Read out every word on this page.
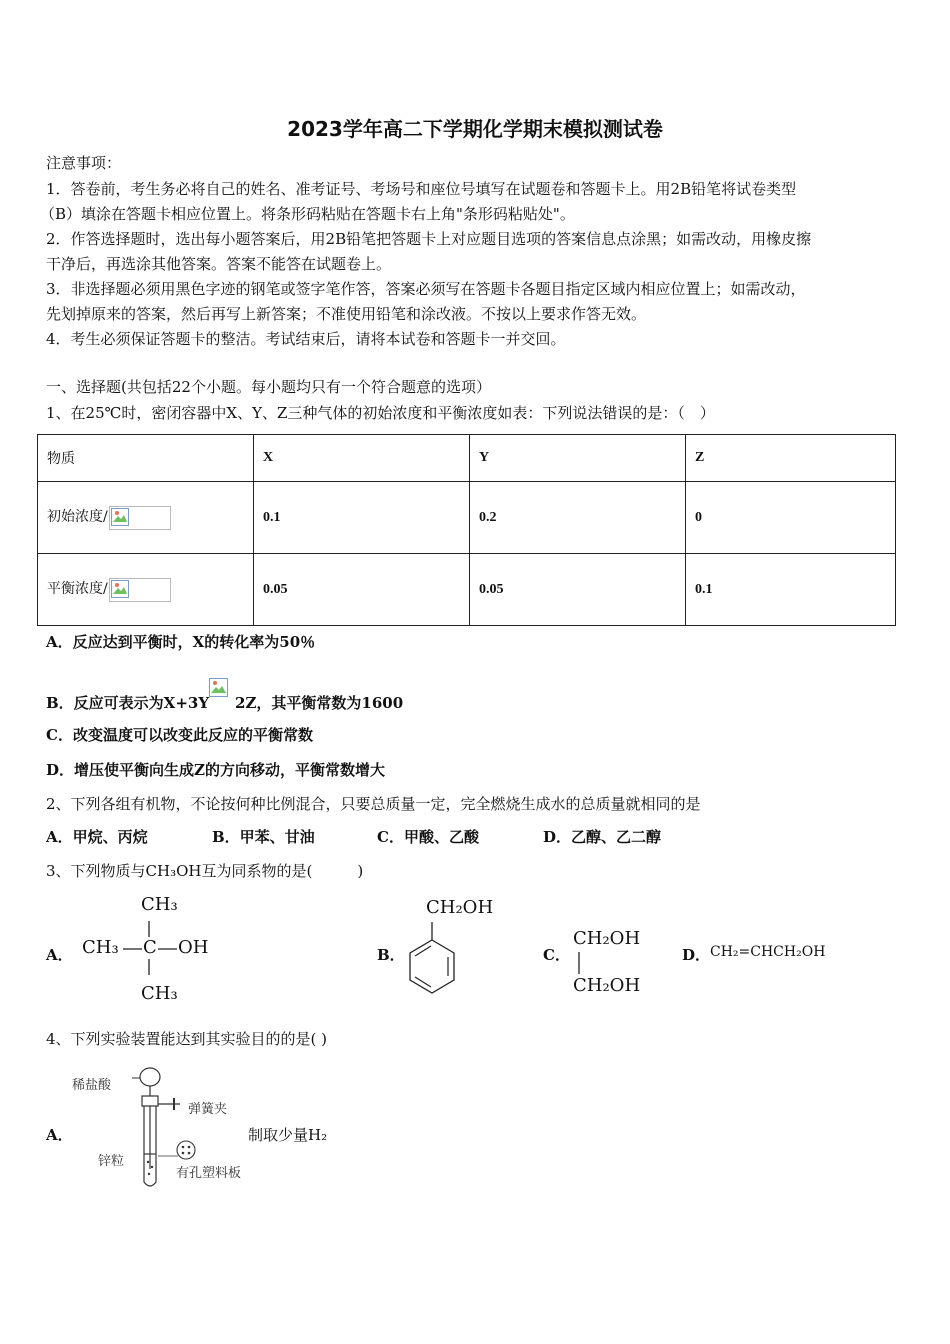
2023学年高二下学期化学期末模拟测试卷

注意事项：

1．答卷前，考生务必将自己的姓名、准考证号、考场号和座位号填写在试题卷和答题卡上。用2B铅笔将试卷类型

（B）填涂在答题卡相应位置上。将条形码粘贴在答题卡右上角"条形码粘贴处"。

2．作答选择题时，选出每小题答案后，用2B铅笔把答题卡上对应题目选项的答案信息点涂黑；如需改动，用橡皮擦

干净后，再选涂其他答案。答案不能答在试题卷上。

3．非选择题必须用黑色字迹的钢笔或签字笔作答，答案必须写在答题卡各题目指定区域内相应位置上；如需改动，

先划掉原来的答案，然后再写上新答案；不准使用铅笔和涂改液。不按以上要求作答无效。

4．考生必须保证答题卡的整洁。考试结束后，请将本试卷和答题卡一并交回。

一、选择题(共包括22个小题。每小题均只有一个符合题意的选项）
1、在25℃时，密闭容器中X、Y、Z三种气体的初始浓度和平衡浓度如表：下列说法错误的是：（　）
物质	X	Y	Z
初始浓度/	0.1	0.2	0
平衡浓度/	0.05	0.05	0.1
A．反应达到平衡时，X的转化率为50％
B．反应可表示为X+3Y 2Z，其平衡常数为1600
C．改变温度可以改变此反应的平衡常数
D．增压使平衡向生成Z的方向移动，平衡常数增大
2、下列各组有机物，不论按何种比例混合，只要总质量一定，完全燃烧生成水的总质量就相同的是
A．甲烷、丙烷	B．甲苯、甘油	C．甲酸、乙酸	D．乙醇、乙二醇
3、下列物质与CH₃OH互为同系物的是(　　　)
A．
CH₃
CH₃ C OH
CH₃
B．
CH₂OH
C．
CH₂OH
CH₂OH
D． CH₂=CHCH₂OH
4、下列实验装置能达到其实验目的的是( )
A．	制取少量H₂
稀盐酸
弹簧夹
锌粒
有孔塑料板
